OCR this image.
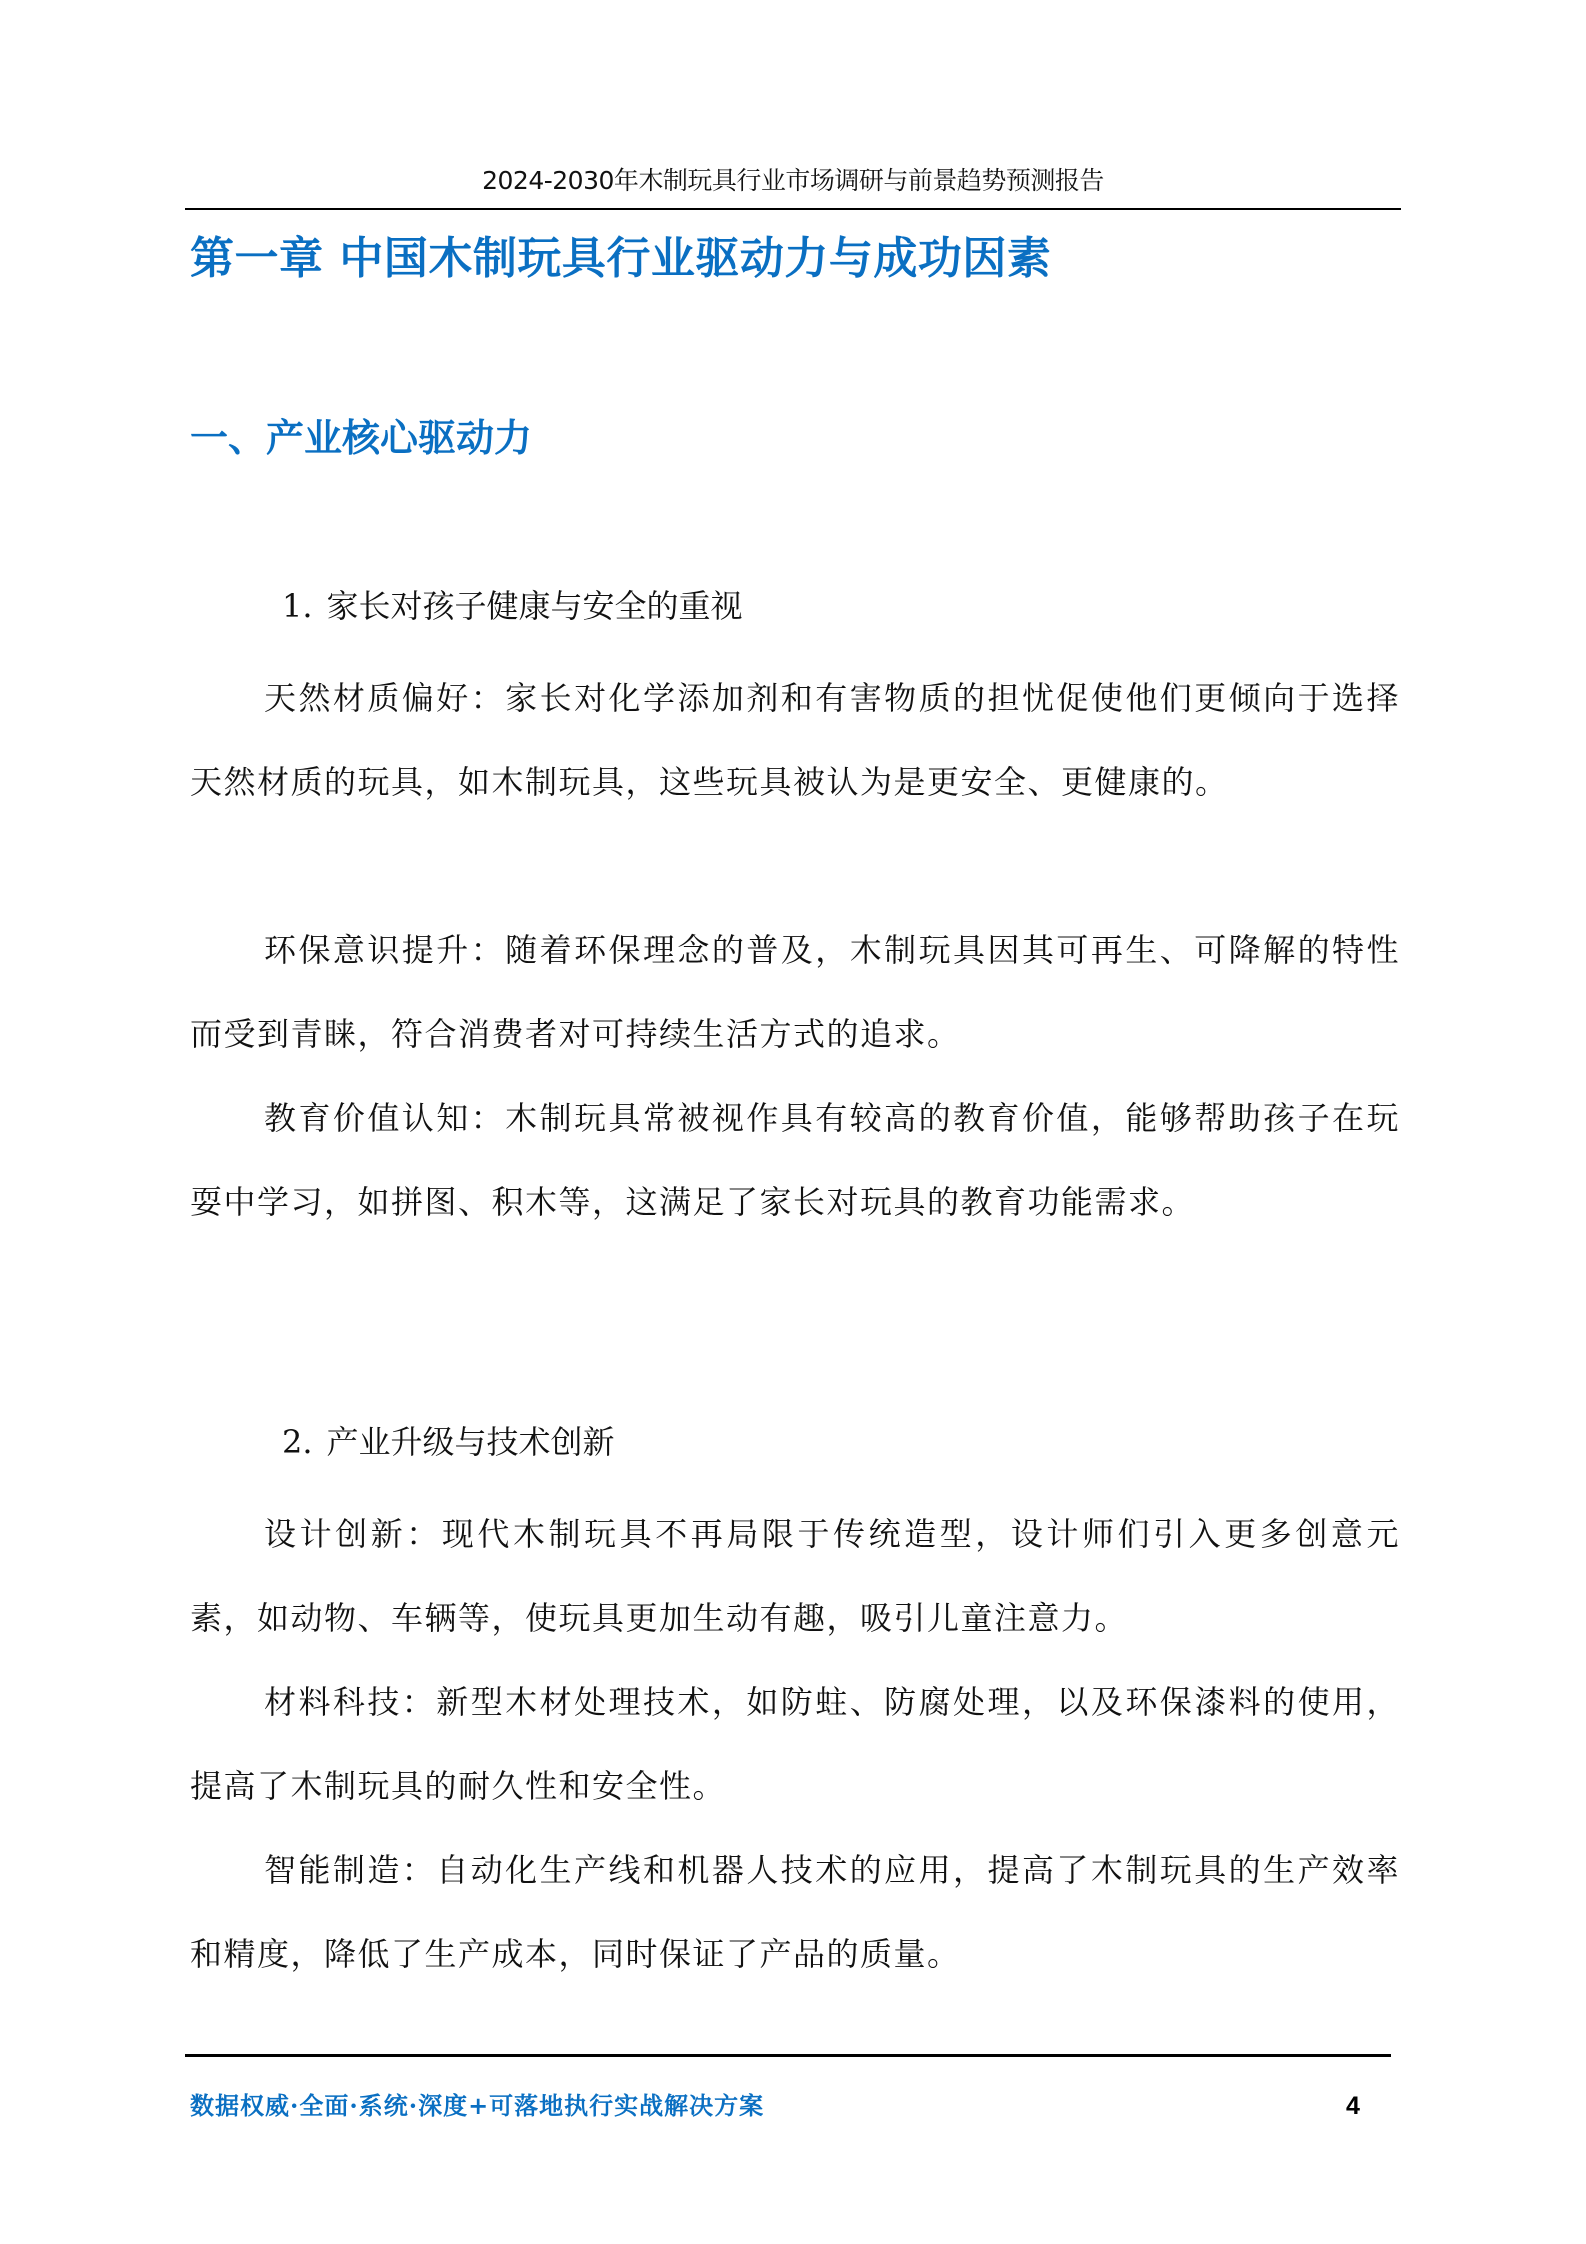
2024-2030年木制玩具行业市场调研与前景趋势预测报告
第一章 中国木制玩具行业驱动力与成功因素
一、产业核心驱动力
1. 家长对孩子健康与安全的重视

天然材质偏好：家长对化学添加剂和有害物质的担忧促使他们更倾向于选择天然材质的玩具，如木制玩具，这些玩具被认为是更安全、更健康的。

环保意识提升：随着环保理念的普及，木制玩具因其可再生、可降解的特性而受到青睐，符合消费者对可持续生活方式的追求。

教育价值认知：木制玩具常被视作具有较高的教育价值，能够帮助孩子在玩耍中学习，如拼图、积木等，这满足了家长对玩具的教育功能需求。

2. 产业升级与技术创新

设计创新：现代木制玩具不再局限于传统造型，设计师们引入更多创意元素，如动物、车辆等，使玩具更加生动有趣，吸引儿童注意力。

材料科技：新型木材处理技术，如防蛀、防腐处理，以及环保漆料的使用，提高了木制玩具的耐久性和安全性。

智能制造：自动化生产线和机器人技术的应用，提高了木制玩具的生产效率和精度，降低了生产成本，同时保证了产品的质量。

数据权威·全面·系统·深度+可落地执行实战解决方案	4
